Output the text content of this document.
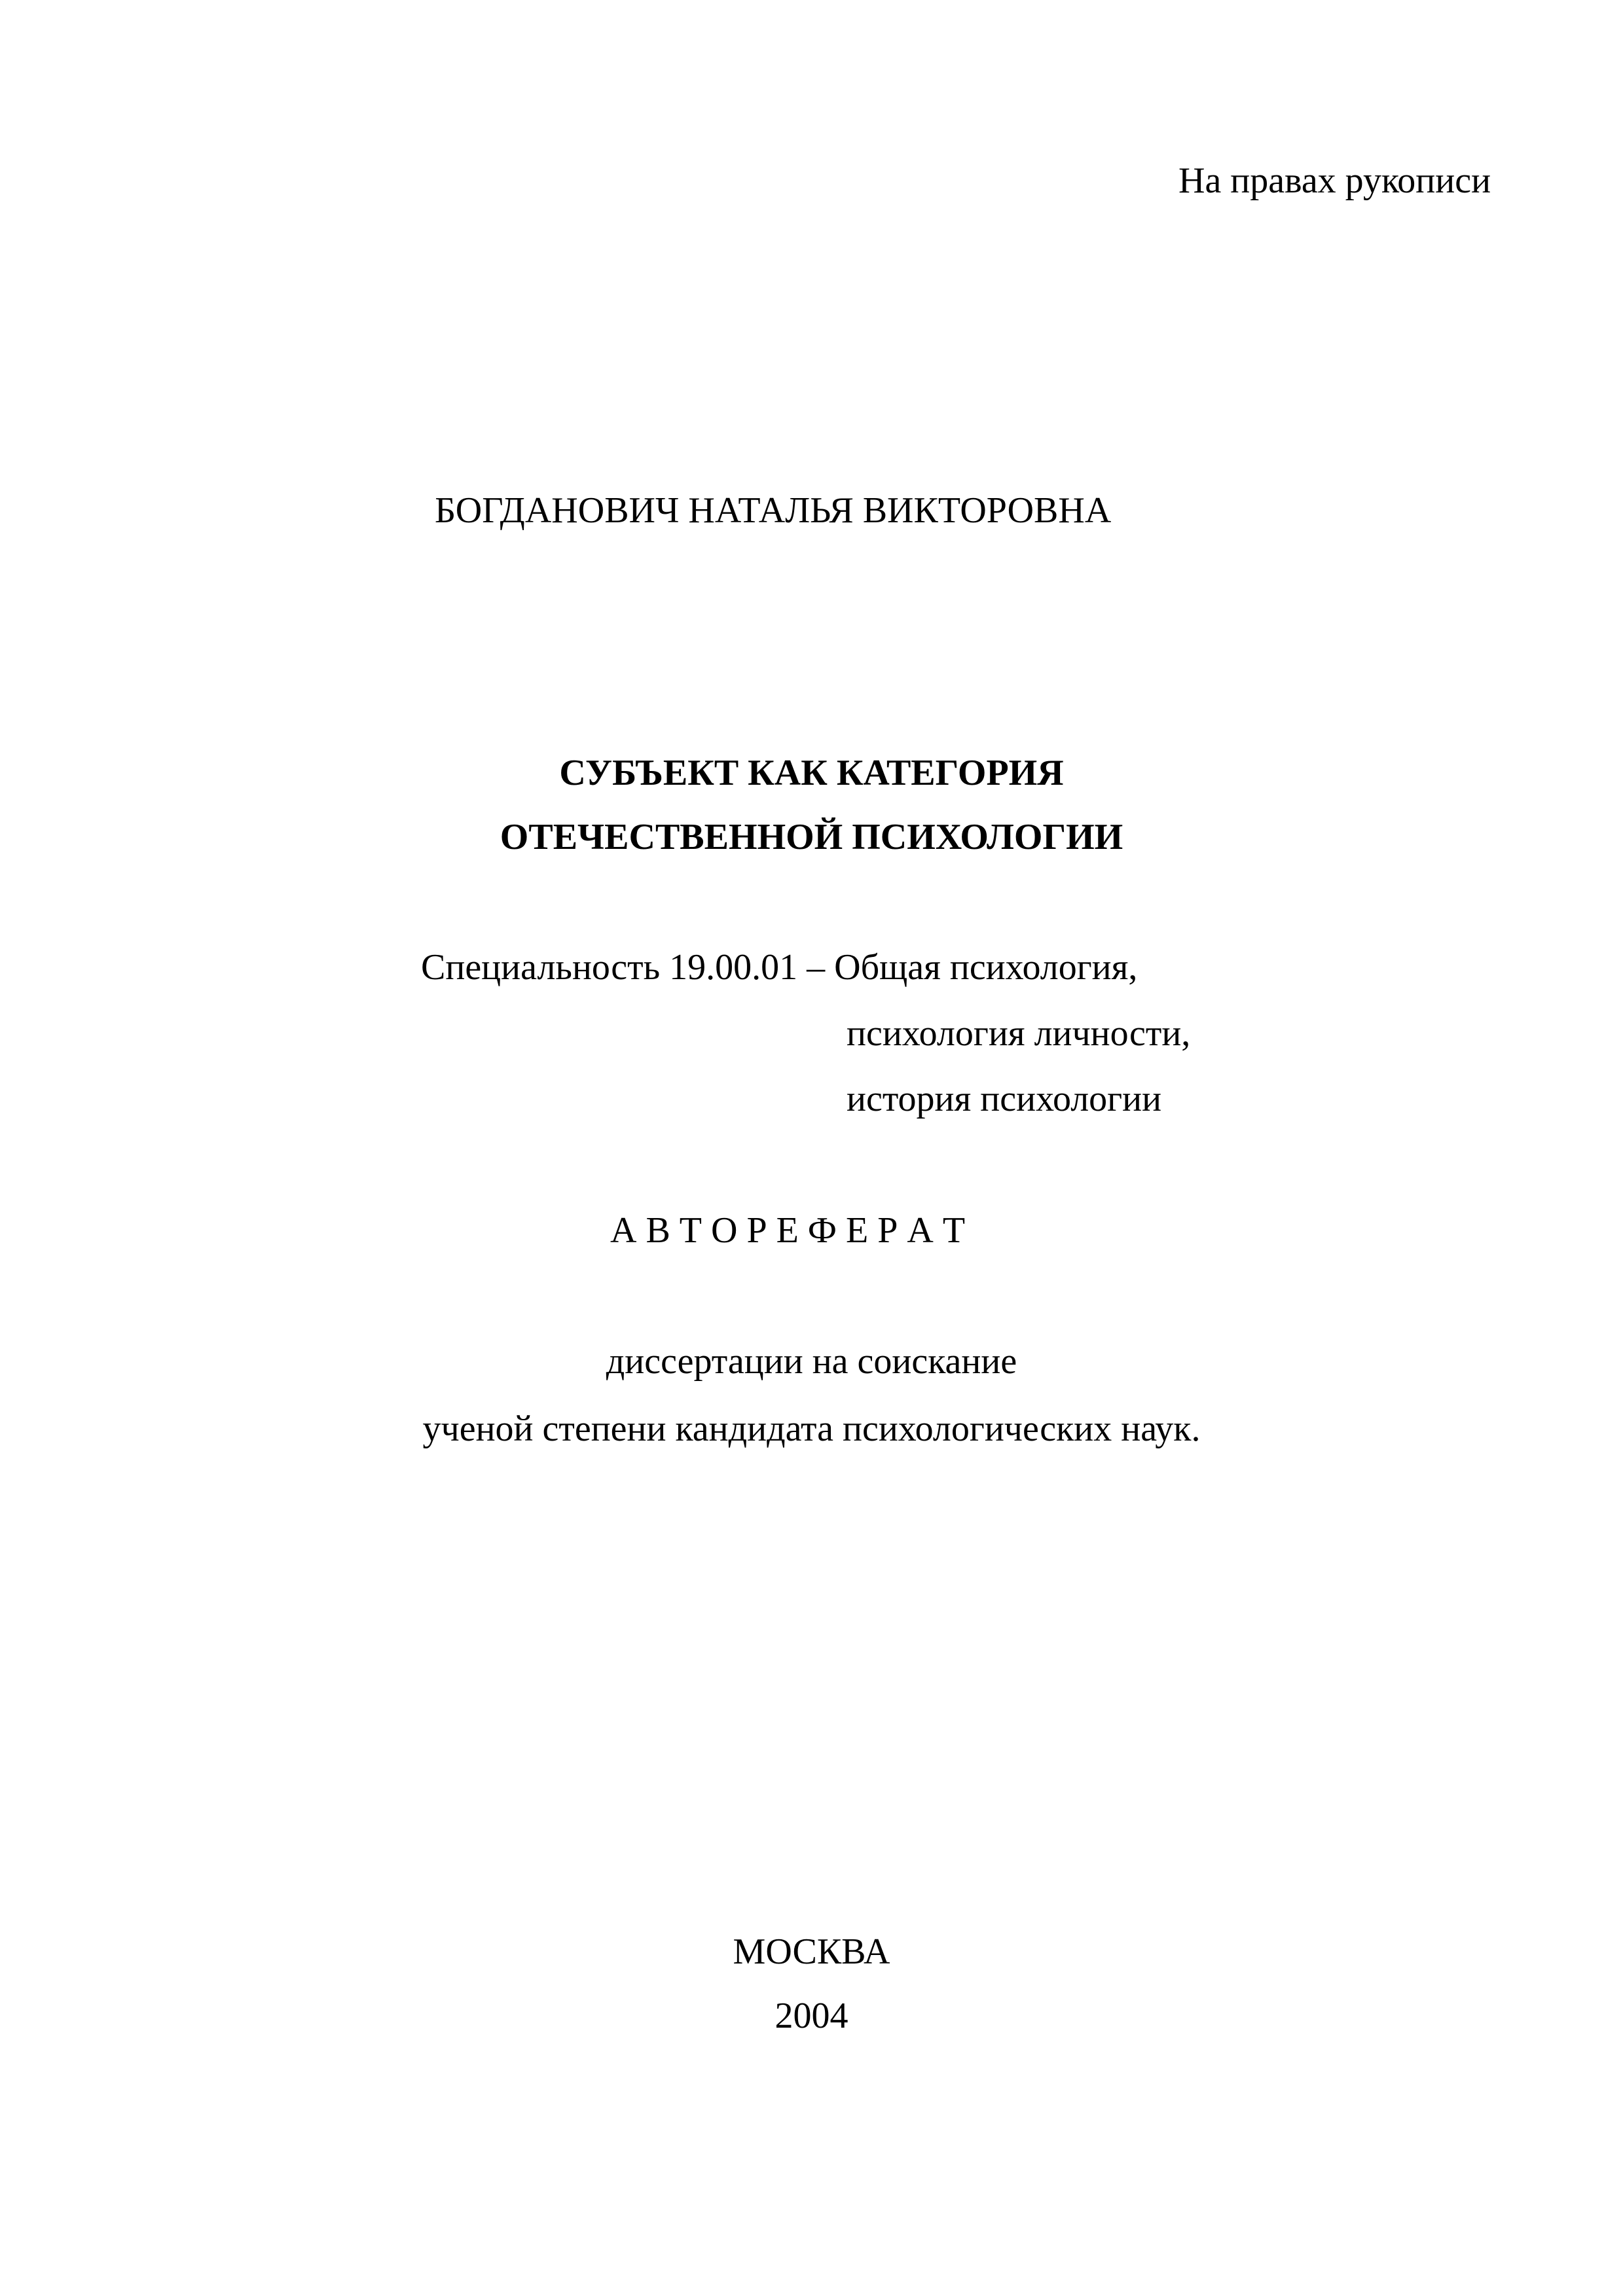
На правах рукописи
БОГДАНОВИЧ НАТАЛЬЯ ВИКТОРОВНА
СУБЪЕКТ КАК КАТЕГОРИЯ
ОТЕЧЕСТВЕННОЙ ПСИХОЛОГИИ
Специальность 19.00.01 – Общая психология,
психология личности,
история психологии
А В Т О Р Е Ф Е Р А Т
диссертации на соискание
ученой степени кандидата психологических наук.
МОСКВА
2004
